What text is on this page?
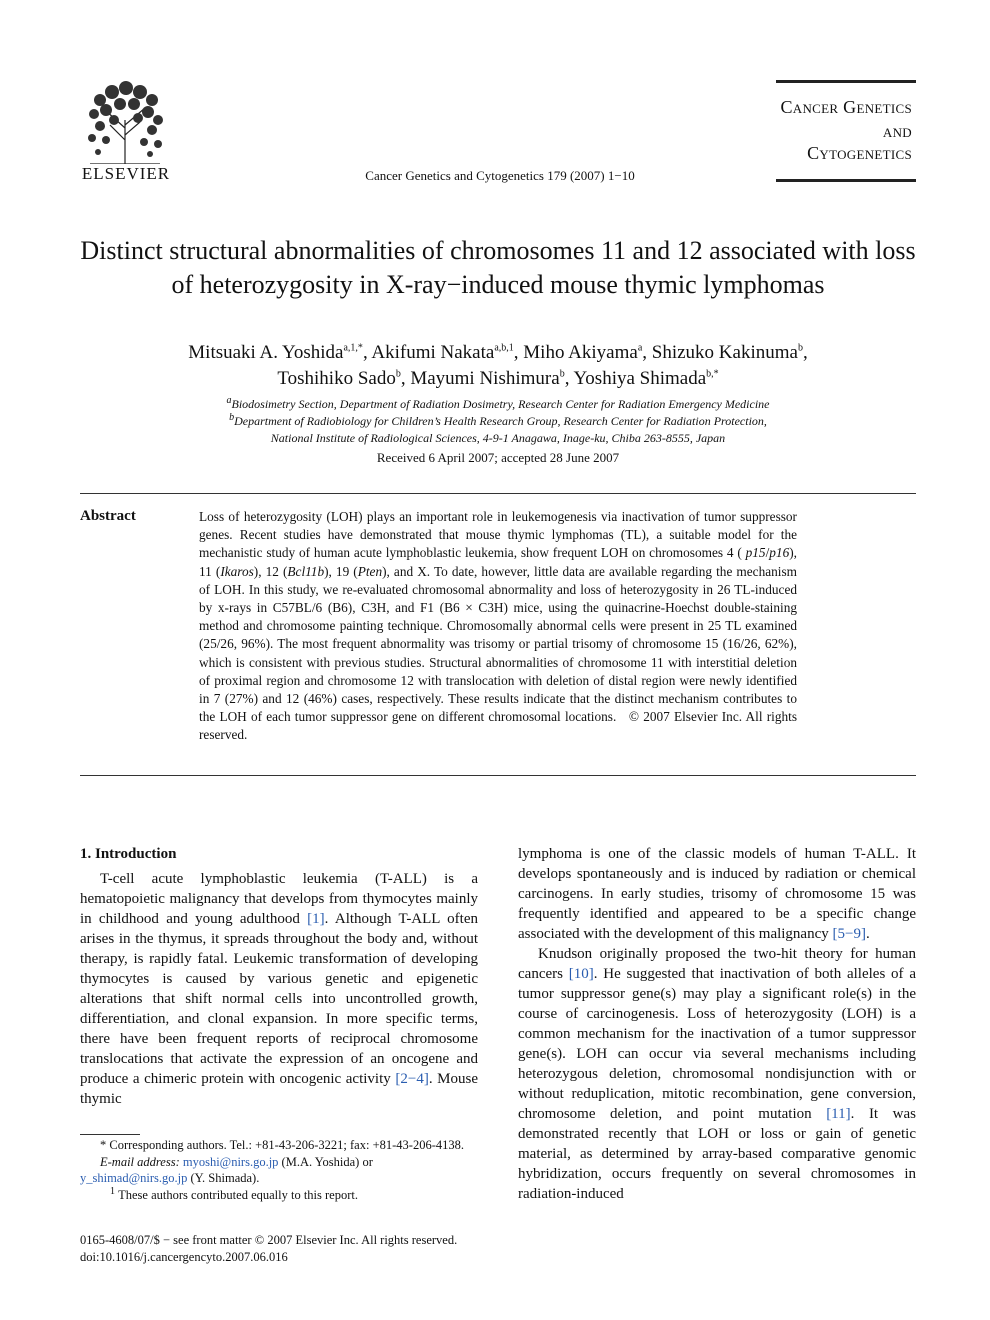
ELSEVIER	Cancer Genetics and Cytogenetics 179 (2007) 1−10
Cancer Genetics
and
Cytogenetics
Distinct structural abnormalities of chromosomes 11 and 12 associated with loss of heterozygosity in X-ray−induced mouse thymic lymphomas
Mitsuaki A. Yoshida$^{a,1,*}$, Akifumi Nakata$^{a,b,1}$, Miho Akiyama$^a$, Shizuko Kakinuma$^b$,
Toshihiko Sado$^b$, Mayumi Nishimura$^b$, Yoshiya Shimada$^{b,*}$
$^a$Biodosimetry Section, Department of Radiation Dosimetry, Research Center for Radiation Emergency Medicine
$^b$Department of Radiobiology for Children’s Health Research Group, Research Center for Radiation Protection,
National Institute of Radiological Sciences, 4-9-1 Anagawa, Inage-ku, Chiba 263-8555, Japan
Received 6 April 2007; accepted 28 June 2007
Abstract	Loss of heterozygosity (LOH) plays an important role in leukemogenesis via inactivation of tumor suppressor genes. Recent studies have demonstrated that mouse thymic lymphomas (TL), a suitable model for the mechanistic study of human acute lymphoblastic leukemia, show frequent LOH on chromosomes 4 ( p15/p16), 11 (Ikaros), 12 (Bcl11b), 19 (Pten), and X. To date, however, little data are available regarding the mechanism of LOH. In this study, we re-evaluated chromosomal abnormality and loss of heterozygosity in 26 TL-induced by x-rays in C57BL/6 (B6), C3H, and F1 (B6 × C3H) mice, using the quinacrine-Hoechst double-staining method and chromosome painting technique. Chromosomally abnormal cells were present in 25 TL examined (25/26, 96%). The most frequent abnormality was trisomy or partial trisomy of chromosome 15 (16/26, 62%), which is consistent with previous studies. Structural abnormalities of chromosome 11 with interstitial deletion of proximal region and chromosome 12 with translocation with deletion of distal region were newly identified in 7 (27%) and 12 (46%) cases, respectively. These results indicate that the distinct mechanism contributes to the LOH of each tumor suppressor gene on different chromosomal locations. © 2007 Elsevier Inc. All rights reserved.
1. Introduction

T-cell acute lymphoblastic leukemia (T-ALL) is a hematopoietic malignancy that develops from thymocytes mainly in childhood and young adulthood [1]. Although T-ALL often arises in the thymus, it spreads throughout the body and, without therapy, is rapidly fatal. Leukemic transformation of developing thymocytes is caused by various genetic and epigenetic alterations that shift normal cells into uncontrolled growth, differentiation, and clonal expansion. In more specific terms, there have been frequent reports of reciprocal chromosome translocations that activate the expression of an oncogene and produce a chimeric protein with oncogenic activity [2−4]. Mouse thymic

lymphoma is one of the classic models of human T-ALL. It develops spontaneously and is induced by radiation or chemical carcinogens. In early studies, trisomy of chromosome 15 was frequently identified and appeared to be a specific change associated with the development of this malignancy [5−9].

Knudson originally proposed the two-hit theory for human cancers [10]. He suggested that inactivation of both alleles of a tumor suppressor gene(s) may play a significant role(s) in the course of carcinogenesis. Loss of heterozygosity (LOH) is a common mechanism for the inactivation of a tumor suppressor gene(s). LOH can occur via several mechanisms including heterozygous deletion, chromosomal nondisjunction with or without reduplication, mitotic recombination, gene conversion, chromosome deletion, and point mutation [11]. It was demonstrated recently that LOH or loss or gain of genetic material, as determined by array-based comparative genomic hybridization, occurs frequently on several chromosomes in radiation-induced

* Corresponding authors. Tel.: +81-43-206-3221; fax: +81-43-206-4138.

E-mail address: myoshi@nirs.go.jp (M.A. Yoshida) or y_shimad@nirs.go.jp (Y. Shimada).

$^1$ These authors contributed equally to this report.

0165-4608/07/$ − see front matter © 2007 Elsevier Inc. All rights reserved.
doi:10.1016/j.cancergencyto.2007.06.016
